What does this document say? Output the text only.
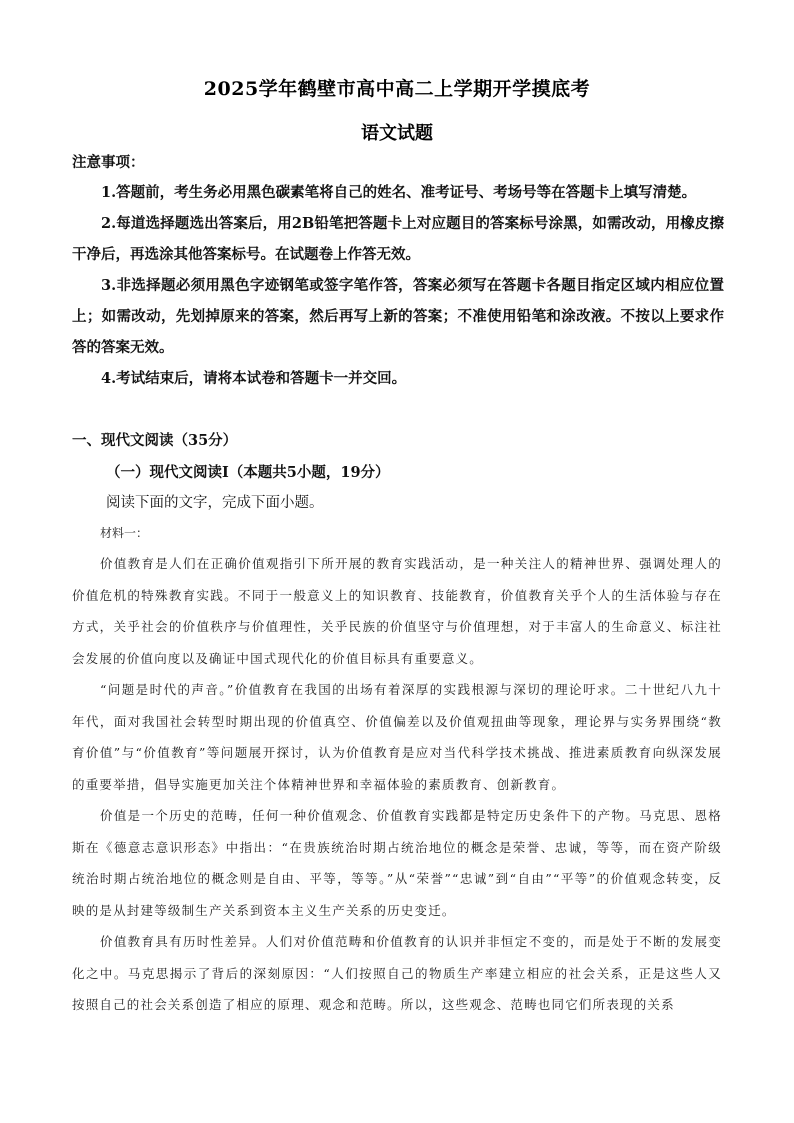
2025学年鹤壁市高中高二上学期开学摸底考
语文试题
注意事项：

1.答题前，考生务必用黑色碳素笔将自己的姓名、准考证号、考场号等在答题卡上填写清楚。

2.每道选择题选出答案后，用2B铅笔把答题卡上对应题目的答案标号涂黑，如需改动，用橡皮擦干净后，再选涂其他答案标号。在试题卷上作答无效。

3.非选择题必须用黑色字迹钢笔或签字笔作答，答案必须写在答题卡各题目指定区域内相应位置上；如需改动，先划掉原来的答案，然后再写上新的答案；不准使用铅笔和涂改液。不按以上要求作答的答案无效。

4.考试结束后，请将本试卷和答题卡一并交回。

一、现代文阅读（35分）
（一）现代文阅读Ⅰ（本题共5小题，19分）
阅读下面的文字，完成下面小题。
材料一：

价值教育是人们在正确价值观指引下所开展的教育实践活动，是一种关注人的精神世界、强调处理人的价值危机的特殊教育实践。不同于一般意义上的知识教育、技能教育，价值教育关乎个人的生活体验与存在方式，关乎社会的价值秩序与价值理性，关乎民族的价值坚守与价值理想，对于丰富人的生命意义、标注社会发展的价值向度以及确证中国式现代化的价值目标具有重要意义。

“问题是时代的声音。”价值教育在我国的出场有着深厚的实践根源与深切的理论吁求。二十世纪八九十年代，面对我国社会转型时期出现的价值真空、价值偏差以及价值观扭曲等现象，理论界与实务界围绕“教育价值”与“价值教育”等问题展开探讨，认为价值教育是应对当代科学技术挑战、推进素质教育向纵深发展的重要举措，倡导实施更加关注个体精神世界和幸福体验的素质教育、创新教育。

价值是一个历史的范畴，任何一种价值观念、价值教育实践都是特定历史条件下的产物。马克思、恩格斯在《德意志意识形态》中指出：“在贵族统治时期占统治地位的概念是荣誉、忠诚，等等，而在资产阶级统治时期占统治地位的概念则是自由、平等，等等。”从“荣誉”“忠诚”到“自由”“平等”的价值观念转变，反映的是从封建等级制生产关系到资本主义生产关系的历史变迁。

价值教育具有历时性差异。人们对价值范畴和价值教育的认识并非恒定不变的，而是处于不断的发展变化之中。马克思揭示了背后的深刻原因：“人们按照自己的物质生产率建立相应的社会关系，正是这些人又按照自己的社会关系创造了相应的原理、观念和范畴。所以，这些观念、范畴也同它们所表现的关系
